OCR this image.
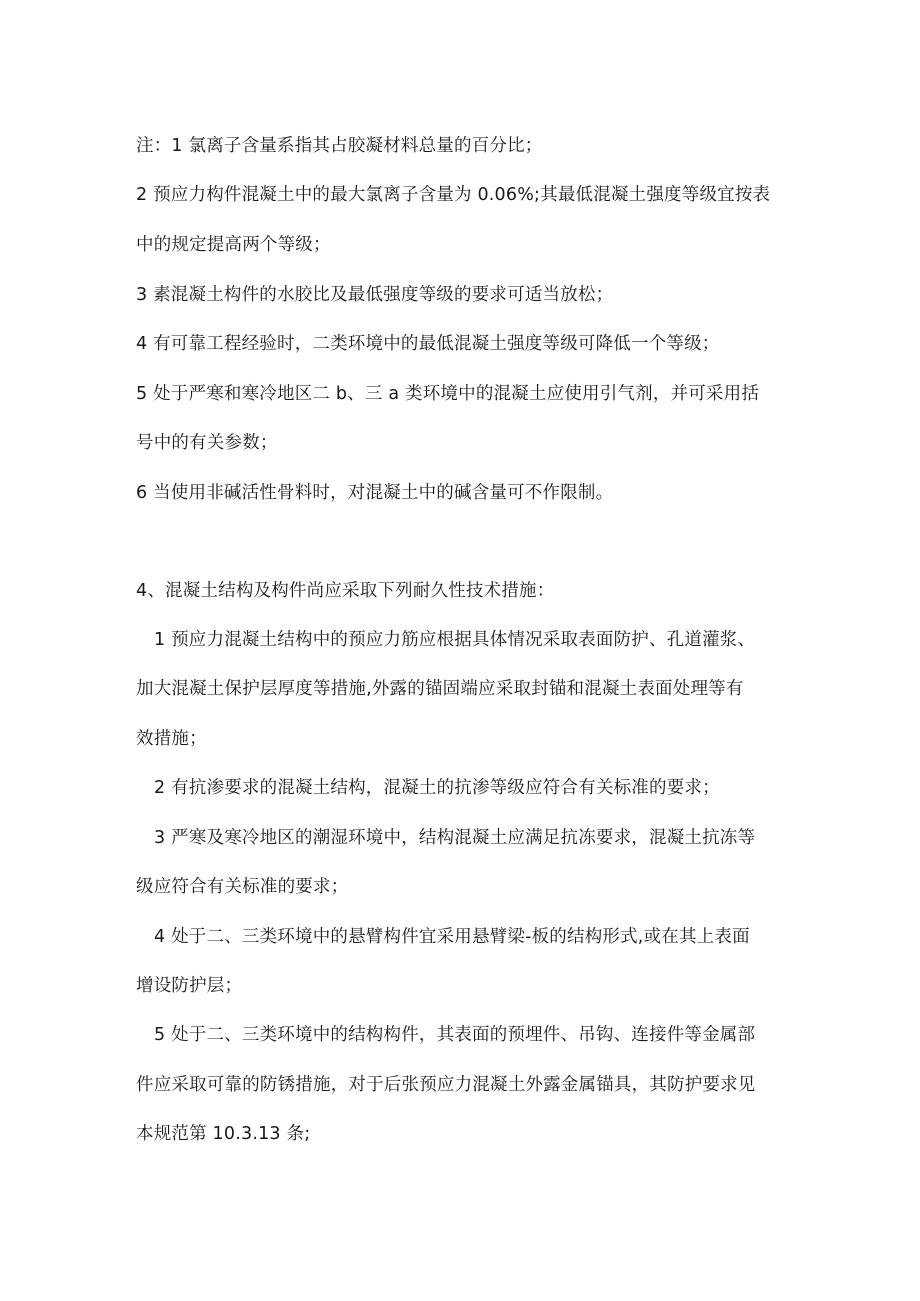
注：1 氯离子含量系指其占胶凝材料总量的百分比；
2 预应力构件混凝土中的最大氯离子含量为 0.06%;其最低混凝土强度等级宜按表
中的规定提高两个等级；
3 素混凝土构件的水胶比及最低强度等级的要求可适当放松；
4 有可靠工程经验时，二类环境中的最低混凝土强度等级可降低一个等级；
5 处于严寒和寒冷地区二 b、三 a 类环境中的混凝土应使用引气剂，并可采用括
号中的有关参数；
6 当使用非碱活性骨料时，对混凝土中的碱含量可不作限制。
4、混凝土结构及构件尚应采取下列耐久性技术措施：
1 预应力混凝土结构中的预应力筋应根据具体情况采取表面防护、孔道灌浆、
加大混凝土保护层厚度等措施,外露的锚固端应采取封锚和混凝土表面处理等有
效措施；
2 有抗渗要求的混凝土结构，混凝土的抗渗等级应符合有关标准的要求；
3 严寒及寒冷地区的潮湿环境中，结构混凝土应满足抗冻要求，混凝土抗冻等
级应符合有关标准的要求；
4 处于二、三类环境中的悬臂构件宜采用悬臂梁-板的结构形式,或在其上表面
增设防护层；
5 处于二、三类环境中的结构构件，其表面的预埋件、吊钩、连接件等金属部
件应采取可靠的防锈措施，对于后张预应力混凝土外露金属锚具，其防护要求见
本规范第 10.3.13 条;
